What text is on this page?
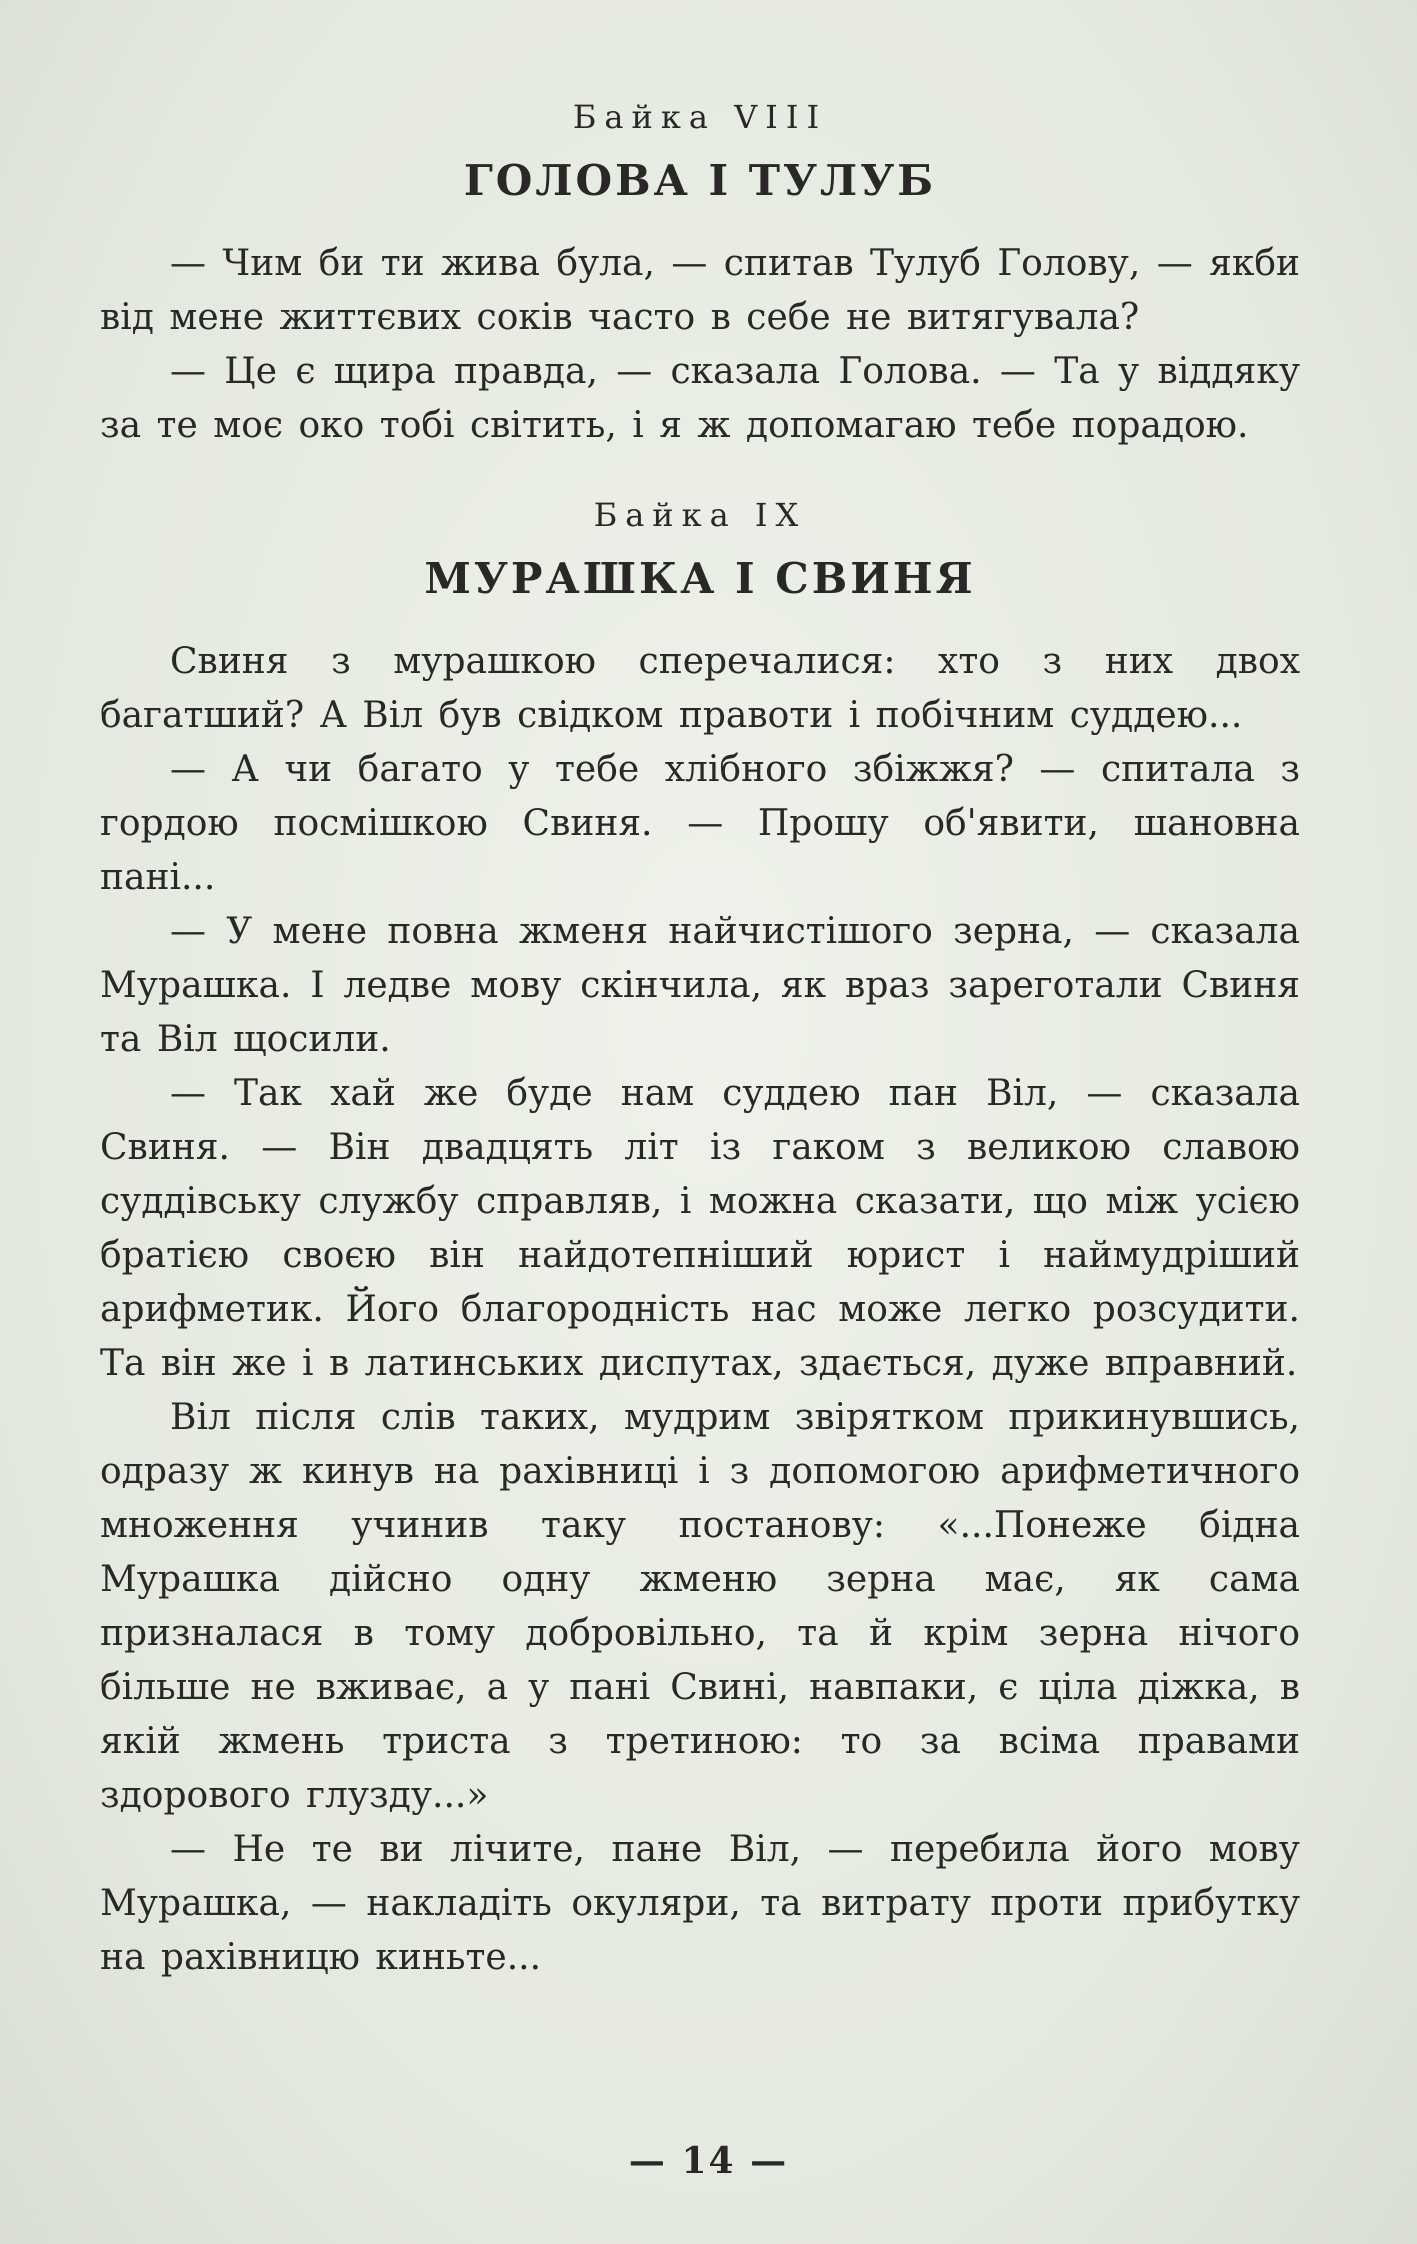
Байка VIII

ГОЛОВА І ТУЛУБ

— Чим би ти жива була, — спитав Тулуб Голову, — якби від мене життєвих соків часто в себе не витягувала?

— Це є щира правда, — сказала Голова. — Та у віддяку за те моє око тобі світить, і я ж допомагаю тебе порадою.

Байка IX

МУРАШКА І СВИНЯ

Свиня з мурашкою сперечалися: хто з них двох багатший? А Віл був свідком правоти і побічним суддею...

— А чи багато у тебе хлібного збіжжя? — спитала з гордою посмішкою Свиня. — Прошу об'явити, шановна пані...

— У мене повна жменя найчистішого зерна, — сказала Мурашка. І ледве мову скінчила, як враз зареготали Свиня та Віл щосили.

— Так хай же буде нам суддею пан Віл, — сказала Свиня. — Він двадцять літ із гаком з великою славою суддівську службу справляв, і можна сказати, що між усією братією своєю він найдотепніший юрист і наймудріший арифметик. Його благородність нас може легко розсудити. Та він же і в латинських диспутах, здається, дуже вправний.

Віл після слів таких, мудрим звірятком прикинувшись, одразу ж кинув на рахівниці і з допомогою арифметичного множення учинив таку постанову: «...Понеже бідна Мурашка дійсно одну жменю зерна має, як сама призналася в тому добровільно, та й крім зерна нічого більше не вживає, а у пані Свині, навпаки, є ціла діжка, в якій жмень триста з третиною: то за всіма правами здорового глузду...»

— Не те ви лічите, пане Віл, — перебила його мову Мурашка, — накладіть окуляри, та витрату проти прибутку на рахівницю киньте...

— 14 —
